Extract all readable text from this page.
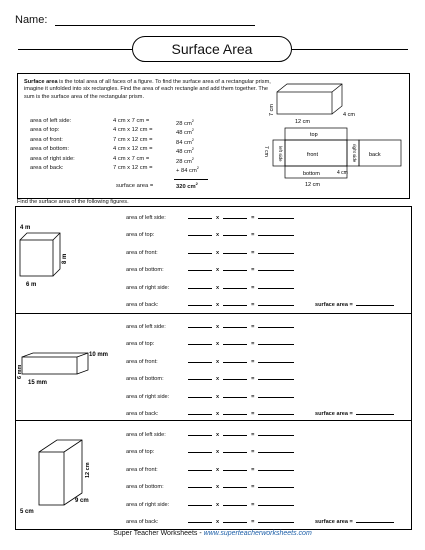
Name:
Surface Area
Surface area is the total area of all faces of a figure. To find the surface area of a rectangular prism, imagine it unfolded into six rectangles. Find the area of each rectangle and add them together. The sum is the surface area of the rectangular prism.
area of left side:	4 cm x 7 cm =	28 $cm^2$
area of top:	4 cm x 12 cm =	48 $cm^2$
area of front:	7 cm x 12 cm =	84 $cm^2$
area of bottom:	4 cm x 12 cm =	48 $cm^2$
area of right side:	4 cm x 7 cm =	28 $cm^2$
area of back:	7 cm x 12 cm =	+ 84 $cm^2$
surface area =	320 $cm^2$
12 cm
4 cm
7 cm
top
front	back
bottom
left side	right side
7 cm
4 cm
12 cm
Find the surface area of the following figures.
area of left side:	x	=
area of top:	x	=
area of front:	x	=
area of bottom:	x	=
area of right side:	x	=
area of back:	x	=	surface area =
area of left side:	x	=
area of top:	x	=
area of front:	x	=
area of bottom:	x	=
area of right side:	x	=
area of back:	x	=	surface area =
area of left side:	x	=
area of top:	x	=
area of front:	x	=
area of bottom:	x	=
area of right side:	x	=
area of back:	x	=	surface area =
4 m
8 m
6 m
10 mm
6 mm
15 mm
12 cm
9 cm
5 cm
Super Teacher Worksheets - www.superteacherworksheets.com
